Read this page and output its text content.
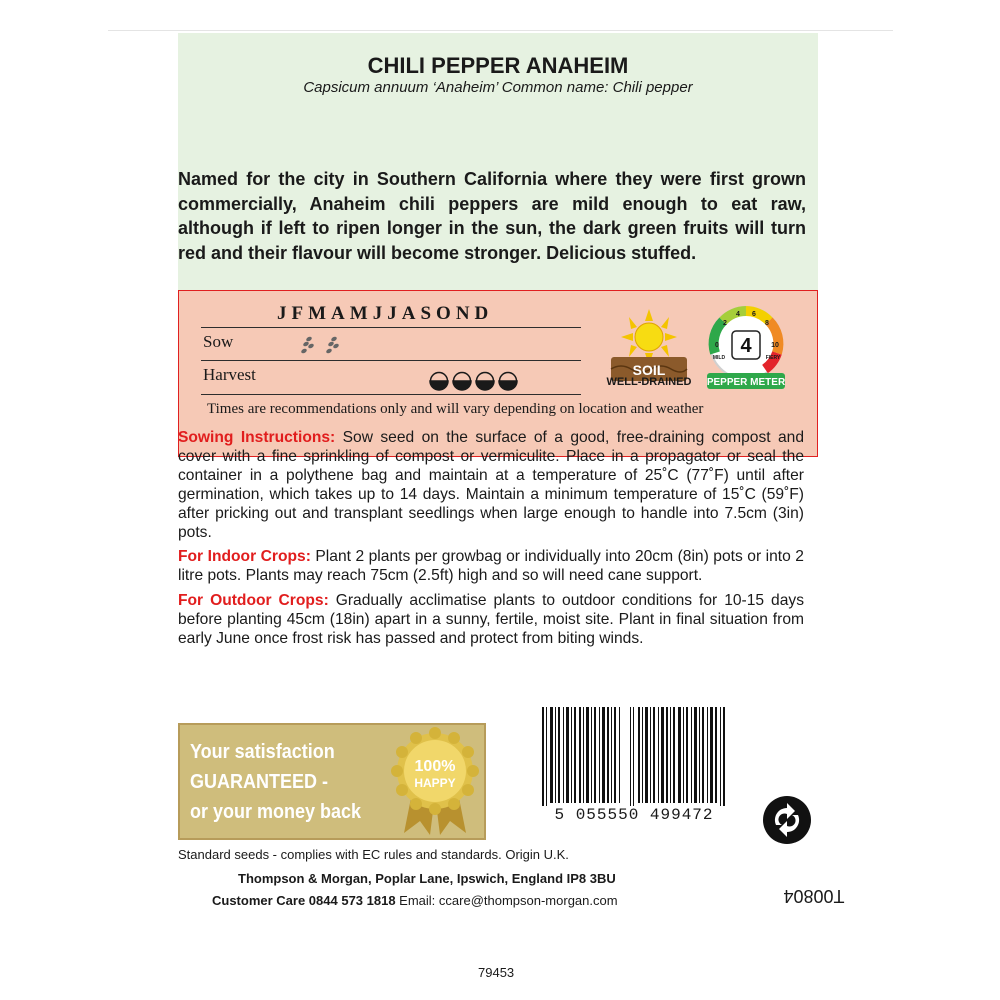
CHILI PEPPER ANAHEIM
Capsicum annuum ‘Anaheim’ Common name: Chili pepper
Named for the city in Southern California where they were first grown commercially, Anaheim chili peppers are mild enough to eat raw, although if left to ripen longer in the sun, the dark green fruits will turn red and their flavour will become stronger. Delicious stuffed.
JFMAMJJASOND
Sow
Harvest	SOIL
WELL-DRAINED
0
2
4 6
8
10
MILD	FIERY
4
PEPPER METER
Times are recommendations only and will vary depending on location and weather

Sowing Instructions: Sow seed on the surface of a good, free-draining compost and cover with a fine sprinkling of compost or vermiculite. Place in a propagator or seal the container in a polythene bag and maintain at a temperature of 25˚C (77˚F) until after germination, which takes up to 14 days. Maintain a minimum temperature of 15˚C (59˚F) after pricking out and transplant seedlings when large enough to handle into 7.5cm (3in) pots.

For Indoor Crops: Plant 2 plants per growbag or individually into 20cm (8in) pots or into 2 litre pots. Plants may reach 75cm (2.5ft) high and so will need cane support.

For Outdoor Crops: Gradually acclimatise plants to outdoor conditions for 10-15 days before planting 45cm (18in) apart in a sunny, fertile, moist site. Plant in final situation from early June once frost risk has passed and protect from biting winds.

Your satisfaction
GUARANTEED -
or your money back
100%
HAPPY
5 055550 499472
T00804
Standard seeds - complies with EC rules and standards. Origin U.K.
Thompson & Morgan, Poplar Lane, Ipswich, England IP8 3BU
Customer Care 0844 573 1818 Email: ccare@thompson-morgan.com
79453
